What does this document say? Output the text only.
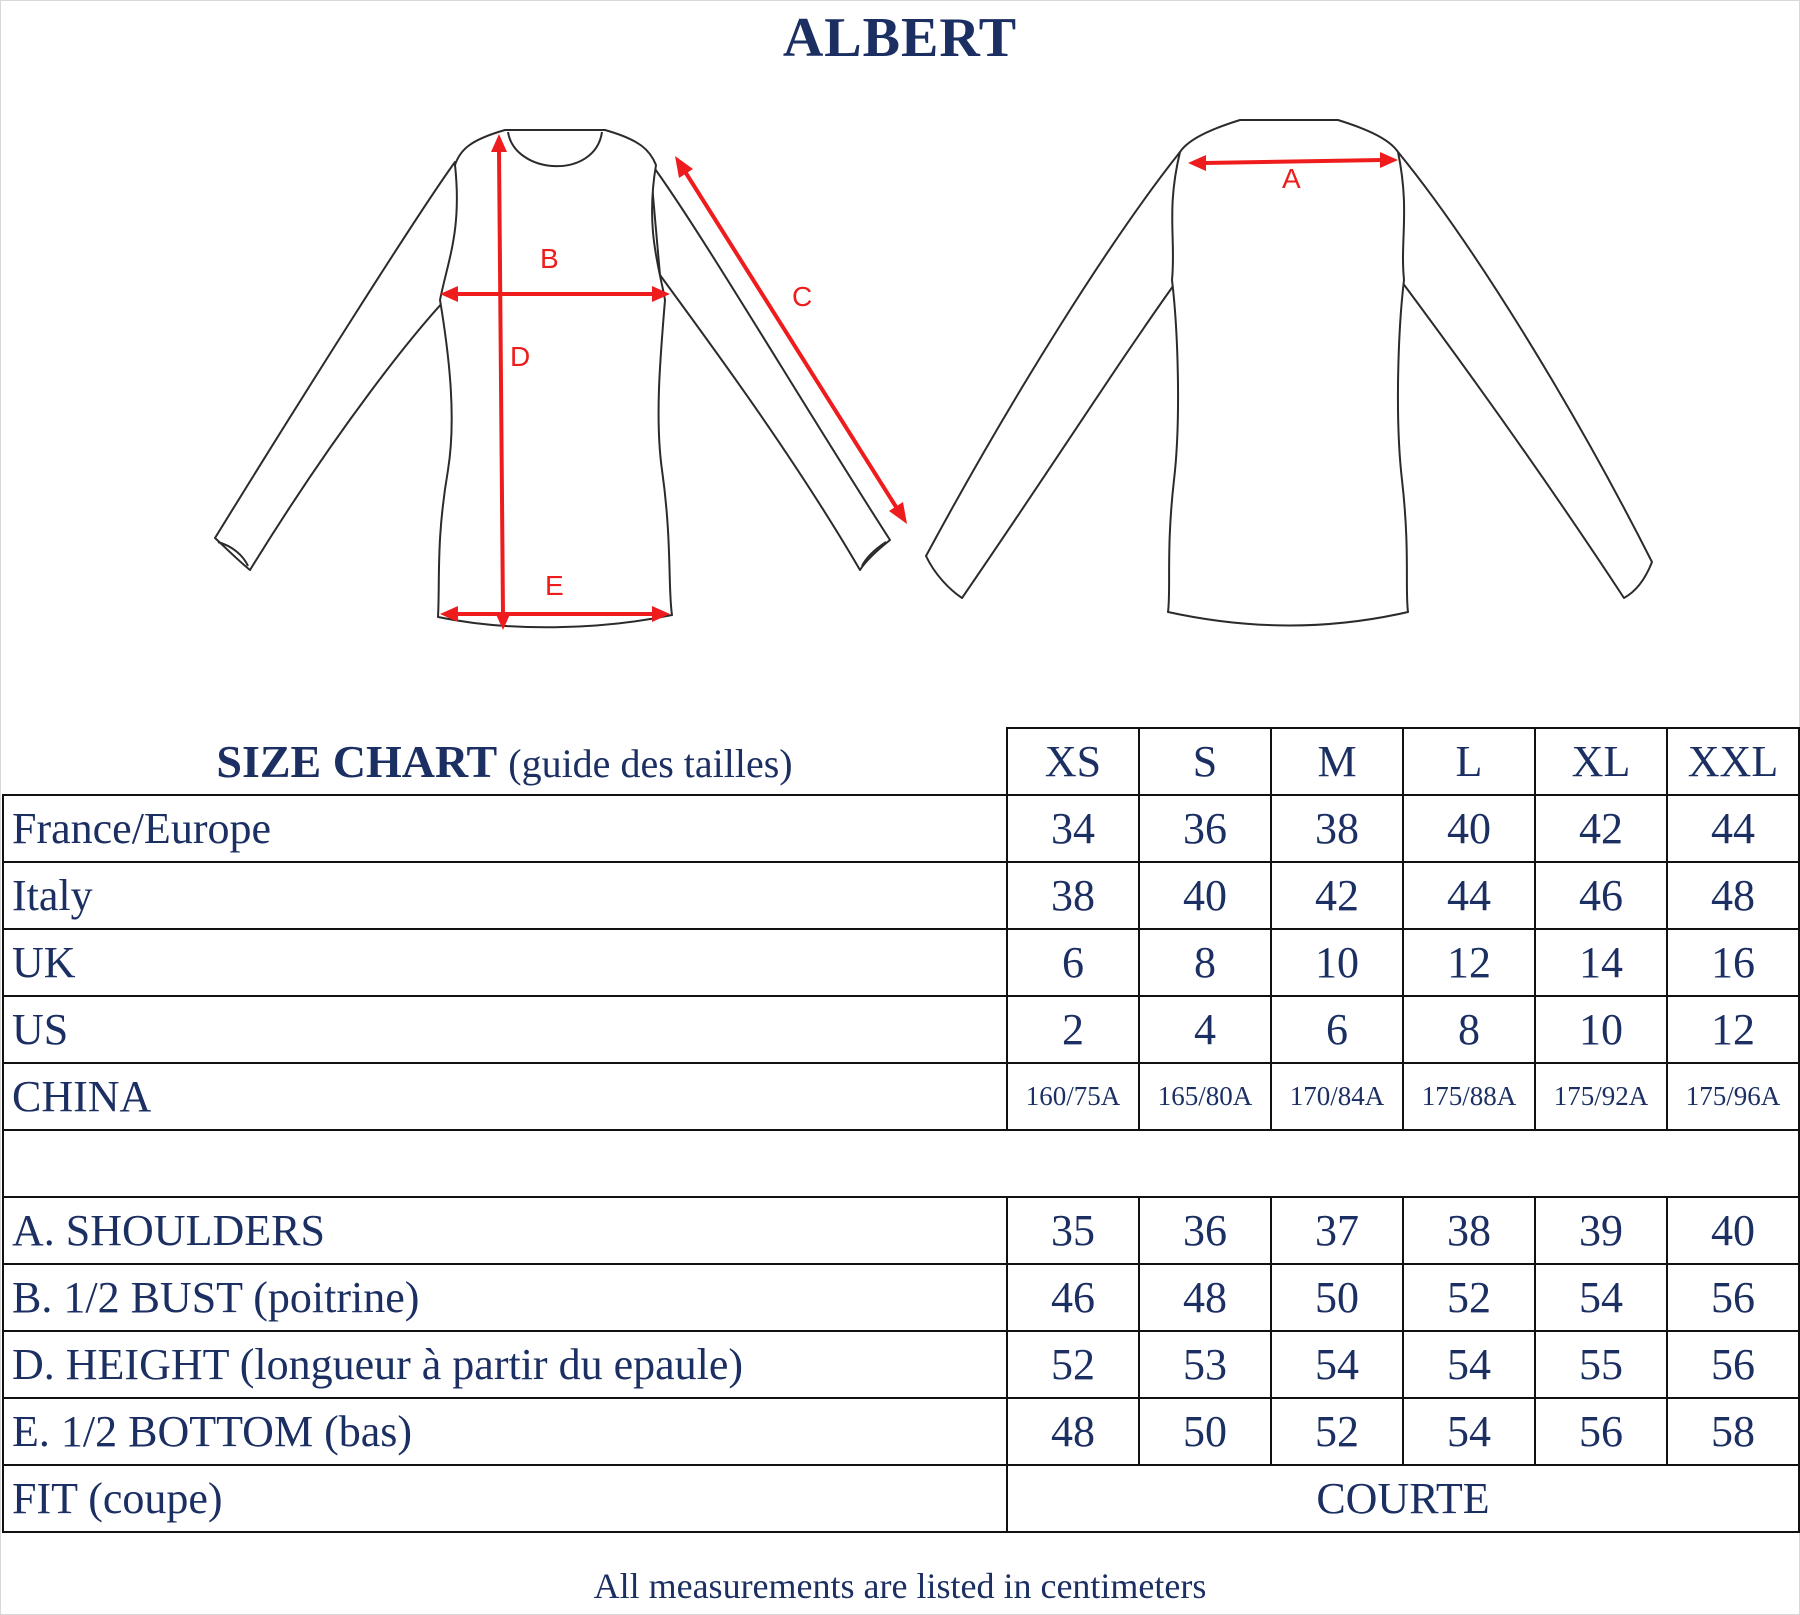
ALBERT
B
D
E
C
A
SIZE CHART (guide des tailles)	XS	S	M	L	XL	XXL
France/Europe	34	36	38	40	42	44
Italy	38	40	42	44	46	48
UK	6	8	10	12	14	16
US	2	4	6	8	10	12
CHINA	160/75A	165/80A	170/84A	175/88A	175/92A	175/96A

A. SHOULDERS	35	36	37	38	39	40
B. 1/2 BUST (poitrine)	46	48	50	52	54	56
D. HEIGHT (longueur à partir du epaule)	52	53	54	54	55	56
E. 1/2 BOTTOM (bas)	48	50	52	54	56	58
FIT (coupe)	COURTE					
All measurements are listed in centimeters
